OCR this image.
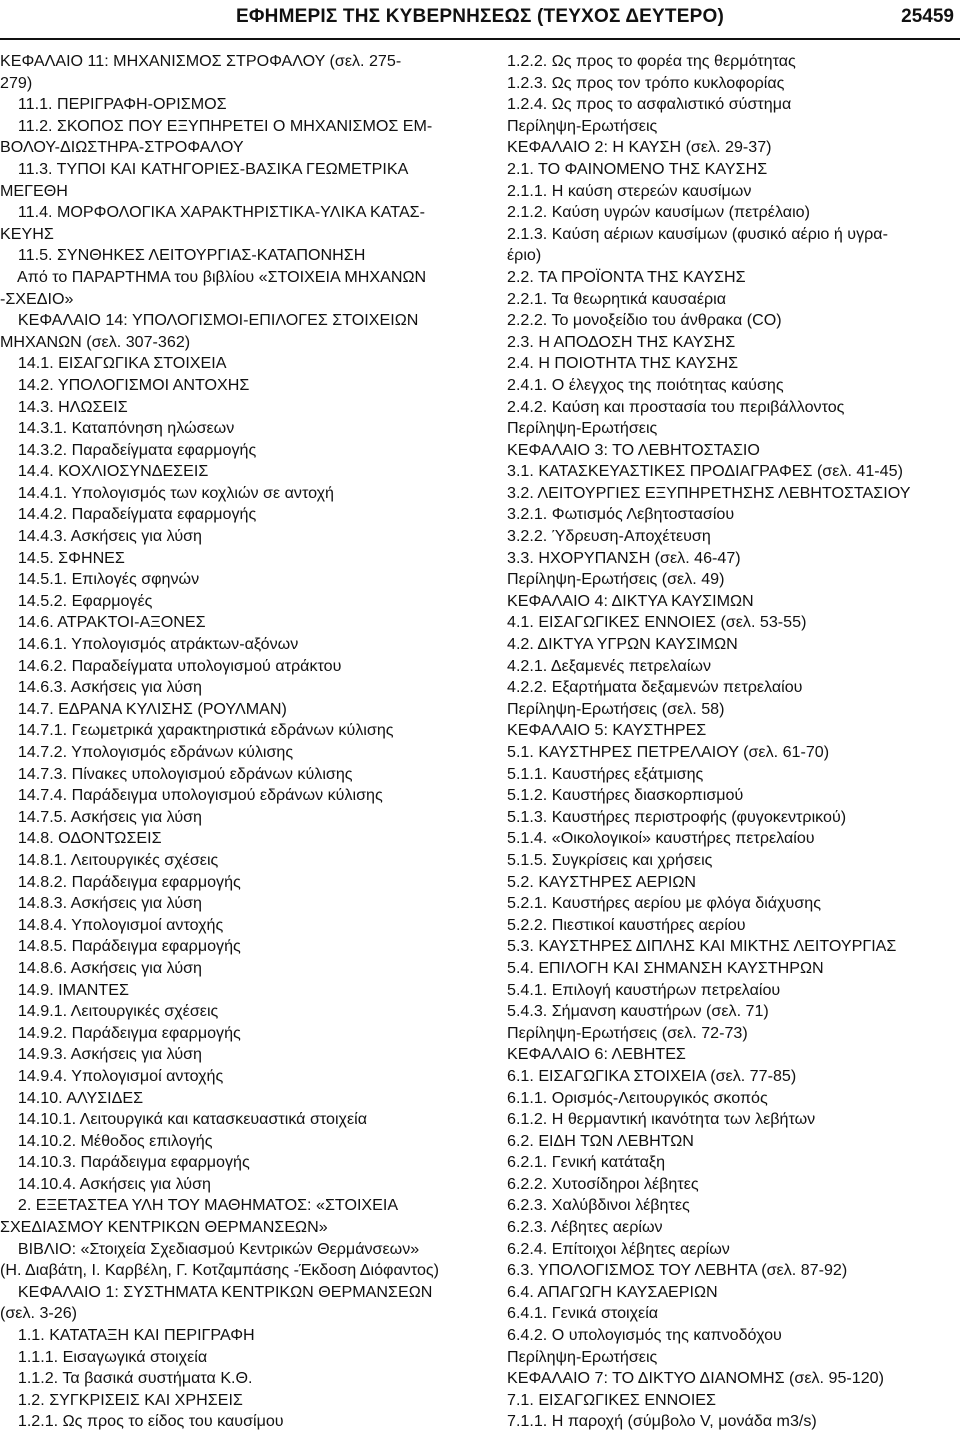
ΕΦΗΜΕΡΙΣ ΤΗΣ ΚΥΒΕΡΝΗΣΕΩΣ (ΤΕΥΧΟΣ ΔΕΥΤΕΡΟ)	25459
ΚΕΦΑΛΑΙΟ 11: ΜΗΧΑΝΙΣΜΟΣ ΣΤΡΟΦΑΛΟΥ (σελ. 275-
279)
11.1. ΠΕΡΙΓΡΑΦΗ-ΟΡΙΣΜΟΣ
11.2. ΣΚΟΠΟΣ ΠΟΥ ΕΞΥΠΗΡΕΤΕΙ Ο ΜΗΧΑΝΙΣΜΟΣ ΕΜ-
ΒΟΛΟΥ-ΔΙΩΣΤΗΡΑ-ΣΤΡΟΦΑΛΟΥ
11.3. ΤΥΠΟΙ ΚΑΙ ΚΑΤΗΓΟΡΙΕΣ-ΒΑΣΙΚΑ ΓΕΩΜΕΤΡΙΚΑ
ΜΕΓΕΘΗ
11.4. ΜΟΡΦΟΛΟΓΙΚΑ ΧΑΡΑΚΤΗΡΙΣΤΙΚΑ-ΥΛΙΚΑ ΚΑΤΑΣ-
ΚΕΥΗΣ
11.5. ΣΥΝΘΗΚΕΣ ΛΕΙΤΟΥΡΓΙΑΣ-ΚΑΤΑΠΟΝΗΣΗ
Από το ΠΑΡΑΡΤΗΜΑ του βιβλίου «ΣΤΟΙΧΕΙΑ ΜΗΧΑΝΩΝ
-ΣΧΕΔΙΟ»
ΚΕΦΑΛΑΙΟ 14: ΥΠΟΛΟΓΙΣΜΟΙ-ΕΠΙΛΟΓΕΣ ΣΤΟΙΧΕΙΩΝ
ΜΗΧΑΝΩΝ (σελ. 307-362)
14.1. ΕΙΣΑΓΩΓΙΚΑ ΣΤΟΙΧΕΙΑ
14.2. ΥΠΟΛΟΓΙΣΜΟΙ ΑΝΤΟΧΗΣ
14.3. ΗΛΩΣΕΙΣ
14.3.1. Καταπόνηση ηλώσεων
14.3.2. Παραδείγματα εφαρμογής
14.4. ΚΟΧΛΙΟΣΥΝΔΕΣΕΙΣ
14.4.1. Υπολογισμός των κοχλιών σε αντοχή
14.4.2. Παραδείγματα εφαρμογής
14.4.3. Ασκήσεις για λύση
14.5. ΣΦΗΝΕΣ
14.5.1. Επιλογές σφηνών
14.5.2. Εφαρμογές
14.6. ΑΤΡΑΚΤΟΙ-ΑΞΟΝΕΣ
14.6.1. Υπολογισμός ατράκτων-αξόνων
14.6.2. Παραδείγματα υπολογισμού ατράκτου
14.6.3. Ασκήσεις για λύση
14.7. ΕΔΡΑΝΑ ΚΥΛΙΣΗΣ (ΡΟΥΛΜΑΝ)
14.7.1. Γεωμετρικά χαρακτηριστικά εδράνων κύλισης
14.7.2. Υπολογισμός εδράνων κύλισης
14.7.3. Πίνακες υπολογισμού εδράνων κύλισης
14.7.4. Παράδειγμα υπολογισμού εδράνων κύλισης
14.7.5. Ασκήσεις για λύση
14.8. ΟΔΟΝΤΩΣΕΙΣ
14.8.1. Λειτουργικές σχέσεις
14.8.2. Παράδειγμα εφαρμογής
14.8.3. Ασκήσεις για λύση
14.8.4. Υπολογισμοί αντοχής
14.8.5. Παράδειγμα εφαρμογής
14.8.6. Ασκήσεις για λύση
14.9. ΙΜΑΝΤΕΣ
14.9.1. Λειτουργικές σχέσεις
14.9.2. Παράδειγμα εφαρμογής
14.9.3. Ασκήσεις για λύση
14.9.4. Υπολογισμοί αντοχής
14.10. ΑΛΥΣΙΔΕΣ
14.10.1. Λειτουργικά και κατασκευαστικά στοιχεία
14.10.2. Μέθοδος επιλογής
14.10.3. Παράδειγμα εφαρμογής
14.10.4. Ασκήσεις για λύση
2. ΕΞΕΤΑΣΤΕΑ ΥΛΗ ΤΟΥ ΜΑΘΗΜΑΤΟΣ: «ΣΤΟΙΧΕΙΑ
ΣΧΕΔΙΑΣΜΟΥ ΚΕΝΤΡΙΚΩΝ ΘΕΡΜΑΝΣΕΩΝ»
ΒΙΒΛΙΟ: «Στοιχεία Σχεδιασμού Κεντρικών Θερμάνσεων»
(Η. Διαβάτη, Ι. Καρβέλη, Γ. Κοτζαμπάσης -Έκδοση Διόφαντος)
ΚΕΦΑΛΑΙΟ 1: ΣΥΣΤΗΜΑΤΑ ΚΕΝΤΡΙΚΩΝ ΘΕΡΜΑΝΣΕΩΝ
(σελ. 3-26)
1.1. ΚΑΤΑΤΑΞΗ ΚΑΙ ΠΕΡΙΓΡΑΦΗ
1.1.1. Εισαγωγικά στοιχεία
1.1.2. Τα βασικά συστήματα Κ.Θ.
1.2. ΣΥΓΚΡΙΣΕΙΣ ΚΑΙ ΧΡΗΣΕΙΣ
1.2.1. Ως προς το είδος του καυσίμου
1.2.2. Ως προς το φορέα της θερμότητας
1.2.3. Ως προς τον τρόπο κυκλοφορίας
1.2.4. Ως προς το ασφαλιστικό σύστημα
Περίληψη-Ερωτήσεις
ΚΕΦΑΛΑΙΟ 2: Η ΚΑΥΣΗ (σελ. 29-37)
2.1. ΤΟ ΦΑΙΝΟΜΕΝΟ ΤΗΣ ΚΑΥΣΗΣ
2.1.1. Η καύση στερεών καυσίμων
2.1.2. Καύση υγρών καυσίμων (πετρέλαιο)
2.1.3. Καύση αέριων καυσίμων (φυσικό αέριο ή υγρα-
έριο)
2.2. ΤΑ ΠΡΟΪΟΝΤΑ ΤΗΣ ΚΑΥΣΗΣ
2.2.1. Τα θεωρητικά καυσαέρια
2.2.2. Το μονοξείδιο του άνθρακα (CO)
2.3. Η ΑΠΟΔΟΣΗ ΤΗΣ ΚΑΥΣΗΣ
2.4. Η ΠΟΙΟΤΗΤΑ ΤΗΣ ΚΑΥΣΗΣ
2.4.1. Ο έλεγχος της ποιότητας καύσης
2.4.2. Καύση και προστασία του περιβάλλοντος
Περίληψη-Ερωτήσεις
ΚΕΦΑΛΑΙΟ 3: ΤΟ ΛΕΒΗΤΟΣΤΑΣΙΟ
3.1. ΚΑΤΑΣΚΕΥΑΣΤΙΚΕΣ ΠΡΟΔΙΑΓΡΑΦΕΣ (σελ. 41-45)
3.2. ΛΕΙΤΟΥΡΓΙΕΣ ΕΞΥΠΗΡΕΤΗΣΗΣ ΛΕΒΗΤΟΣΤΑΣΙΟΥ
3.2.1. Φωτισμός Λεβητοστασίου
3.2.2. Ύδρευση-Αποχέτευση
3.3. ΗΧΟΡΥΠΑΝΣΗ (σελ. 46-47)
Περίληψη-Ερωτήσεις (σελ. 49)
ΚΕΦΑΛΑΙΟ 4: ΔΙΚΤΥΑ ΚΑΥΣΙΜΩΝ
4.1. ΕΙΣΑΓΩΓΙΚΕΣ ΕΝΝΟΙΕΣ (σελ. 53-55)
4.2. ΔΙΚΤΥΑ ΥΓΡΩΝ ΚΑΥΣΙΜΩΝ
4.2.1. Δεξαμενές πετρελαίων
4.2.2. Εξαρτήματα δεξαμενών πετρελαίου
Περίληψη-Ερωτήσεις (σελ. 58)
ΚΕΦΑΛΑΙΟ 5: ΚΑΥΣΤΗΡΕΣ
5.1. ΚΑΥΣΤΗΡΕΣ ΠΕΤΡΕΛΑΙΟΥ (σελ. 61-70)
5.1.1. Καυστήρες εξάτμισης
5.1.2. Καυστήρες διασκορπισμού
5.1.3. Καυστήρες περιστροφής (φυγοκεντρικού)
5.1.4. «Οικολογικοί» καυστήρες πετρελαίου
5.1.5. Συγκρίσεις και χρήσεις
5.2. ΚΑΥΣΤΗΡΕΣ ΑΕΡΙΩΝ
5.2.1. Καυστήρες αερίου με φλόγα διάχυσης
5.2.2. Πιεστικοί καυστήρες αερίου
5.3. ΚΑΥΣΤΗΡΕΣ ΔΙΠΛΗΣ ΚΑΙ ΜΙΚΤΗΣ ΛΕΙΤΟΥΡΓΙΑΣ
5.4. ΕΠΙΛΟΓΗ ΚΑΙ ΣΗΜΑΝΣΗ ΚΑΥΣΤΗΡΩΝ
5.4.1. Επιλογή καυστήρων πετρελαίου
5.4.3. Σήμανση καυστήρων (σελ. 71)
Περίληψη-Ερωτήσεις (σελ. 72-73)
ΚΕΦΑΛΑΙΟ 6: ΛΕΒΗΤΕΣ
6.1. ΕΙΣΑΓΩΓΙΚΑ ΣΤΟΙΧΕΙΑ (σελ. 77-85)
6.1.1. Ορισμός-Λειτουργικός σκοπός
6.1.2. Η θερμαντική ικανότητα των λεβήτων
6.2. ΕΙΔΗ ΤΩΝ ΛΕΒΗΤΩΝ
6.2.1. Γενική κατάταξη
6.2.2. Χυτοσίδηροι λέβητες
6.2.3. Χαλύβδινοι λέβητες
6.2.3. Λέβητες αερίων
6.2.4. Επίτοιχοι λέβητες αερίων
6.3. ΥΠΟΛΟΓΙΣΜΟΣ ΤΟΥ ΛΕΒΗΤΑ (σελ. 87-92)
6.4. ΑΠΑΓΩΓΗ ΚΑΥΣΑΕΡΙΩΝ
6.4.1. Γενικά στοιχεία
6.4.2. Ο υπολογισμός της καπνοδόχου
Περίληψη-Ερωτήσεις
ΚΕΦΑΛΑΙΟ 7: ΤΟ ΔΙΚΤΥΟ ΔΙΑΝΟΜΗΣ (σελ. 95-120)
7.1. ΕΙΣΑΓΩΓΙΚΕΣ ΕΝΝΟΙΕΣ
7.1.1. Η παροχή (σύμβολο V, μονάδα m3/s)
